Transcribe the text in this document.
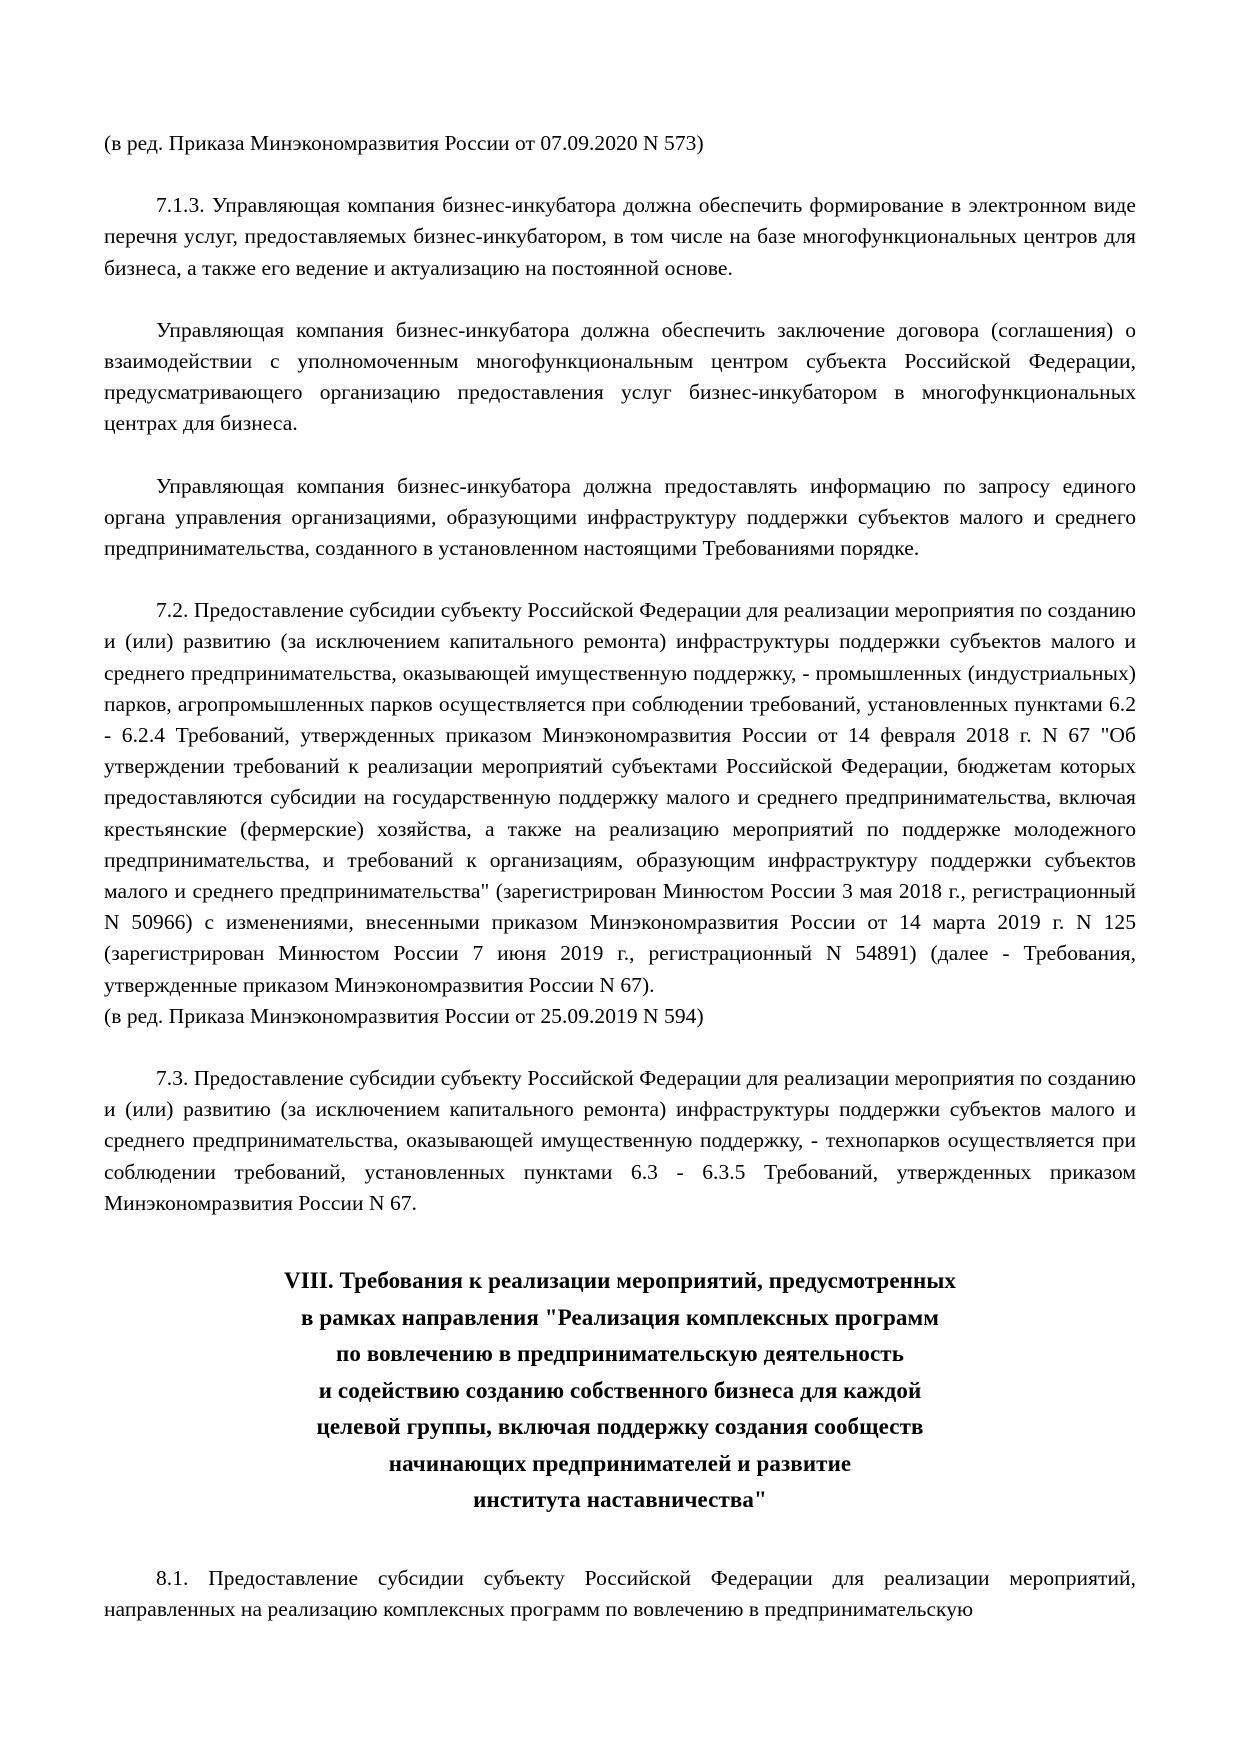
(в ред. Приказа Минэкономразвития России от 07.09.2020 N 573)

7.1.3. Управляющая компания бизнес-инкубатора должна обеспечить формирование в электронном виде перечня услуг, предоставляемых бизнес-инкубатором, в том числе на базе многофункциональных центров для бизнеса, а также его ведение и актуализацию на постоянной основе.

Управляющая компания бизнес-инкубатора должна обеспечить заключение договора (соглашения) о взаимодействии с уполномоченным многофункциональным центром субъекта Российской Федерации, предусматривающего организацию предоставления услуг бизнес-инкубатором в многофункциональных центрах для бизнеса.

Управляющая компания бизнес-инкубатора должна предоставлять информацию по запросу единого органа управления организациями, образующими инфраструктуру поддержки субъектов малого и среднего предпринимательства, созданного в установленном настоящими Требованиями порядке.

7.2. Предоставление субсидии субъекту Российской Федерации для реализации мероприятия по созданию и (или) развитию (за исключением капитального ремонта) инфраструктуры поддержки субъектов малого и среднего предпринимательства, оказывающей имущественную поддержку, - промышленных (индустриальных) парков, агропромышленных парков осуществляется при соблюдении требований, установленных пунктами 6.2 - 6.2.4 Требований, утвержденных приказом Минэкономразвития России от 14 февраля 2018 г. N 67 "Об утверждении требований к реализации мероприятий субъектами Российской Федерации, бюджетам которых предоставляются субсидии на государственную поддержку малого и среднего предпринимательства, включая крестьянские (фермерские) хозяйства, а также на реализацию мероприятий по поддержке молодежного предпринимательства, и требований к организациям, образующим инфраструктуру поддержки субъектов малого и среднего предпринимательства" (зарегистрирован Минюстом России 3 мая 2018 г., регистрационный N 50966) с изменениями, внесенными приказом Минэкономразвития России от 14 марта 2019 г. N 125 (зарегистрирован Минюстом России 7 июня 2019 г., регистрационный N 54891) (далее - Требования, утвержденные приказом Минэкономразвития России N 67).

(в ред. Приказа Минэкономразвития России от 25.09.2019 N 594)

7.3. Предоставление субсидии субъекту Российской Федерации для реализации мероприятия по созданию и (или) развитию (за исключением капитального ремонта) инфраструктуры поддержки субъектов малого и среднего предпринимательства, оказывающей имущественную поддержку, - технопарков осуществляется при соблюдении требований, установленных пунктами 6.3 - 6.3.5 Требований, утвержденных приказом Минэкономразвития России N 67.

VIII. Требования к реализации мероприятий, предусмотренных
в рамках направления "Реализация комплексных программ
по вовлечению в предпринимательскую деятельность
и содействию созданию собственного бизнеса для каждой
целевой группы, включая поддержку создания сообществ
начинающих предпринимателей и развитие
института наставничества"

8.1. Предоставление субсидии субъекту Российской Федерации для реализации мероприятий, направленных на реализацию комплексных программ по вовлечению в предпринимательскую
